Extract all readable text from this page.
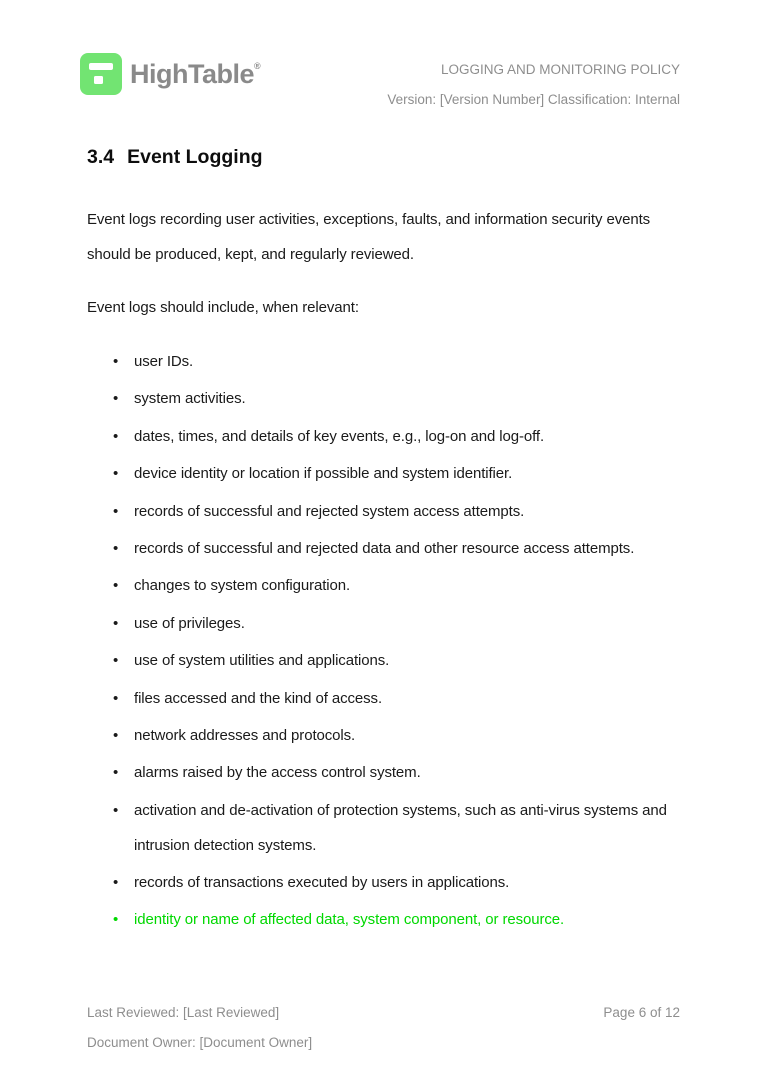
HighTable®	LOGGING AND MONITORING POLICY
Version: [Version Number] Classification: Internal
3.4 Event Logging

Event logs recording user activities, exceptions, faults, and information security events should be produced, kept, and regularly reviewed.

Event logs should include, when relevant:

•	user IDs.
•	system activities.
•	dates, times, and details of key events, e.g., log-on and log-off.
•	device identity or location if possible and system identifier.
•	records of successful and rejected system access attempts.
•	records of successful and rejected data and other resource access attempts.
•	changes to system configuration.
•	use of privileges.
•	use of system utilities and applications.
•	files accessed and the kind of access.
•	network addresses and protocols.
•	alarms raised by the access control system.
•	activation and de-activation of protection systems, such as anti-virus systems and intrusion detection systems.
•	records of transactions executed by users in applications.
•	identity or name of affected data, system component, or resource.
Last Reviewed: [Last Reviewed]	Page 6 of 12
Document Owner: [Document Owner]
